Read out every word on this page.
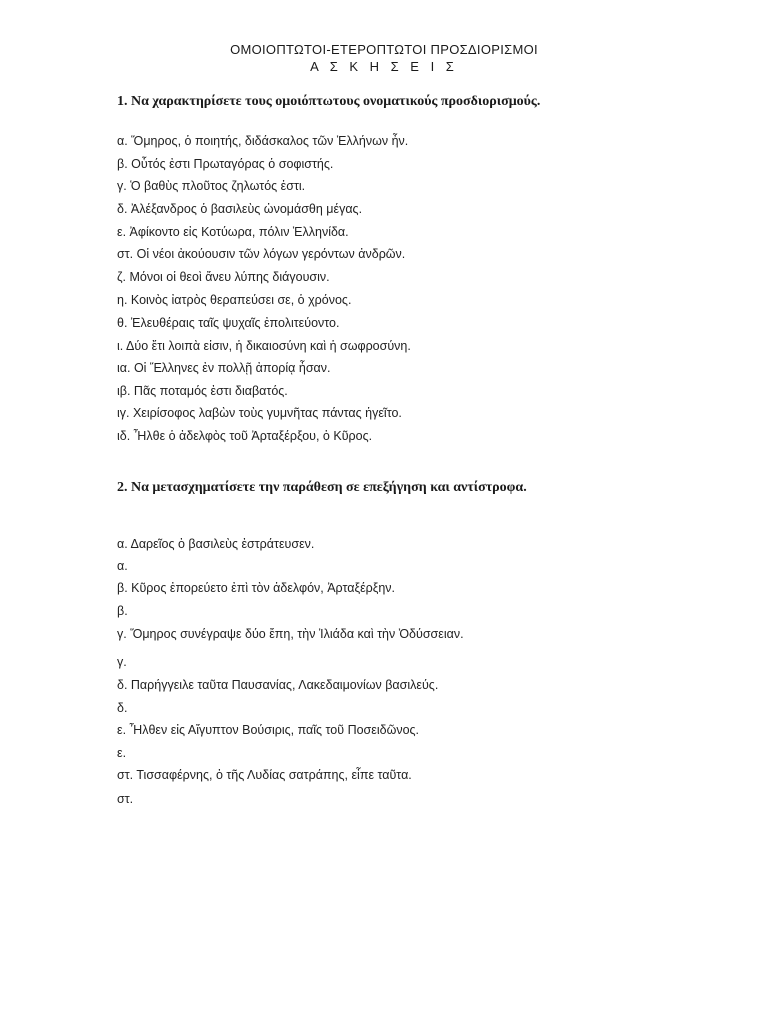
ΟΜΟΙΟΠΤΩΤΟΙ-ΕΤΕΡΟΠΤΩΤΟΙ ΠΡΟΣΔΙΟΡΙΣΜΟΙ
Α Σ Κ Η Σ Ε Ι Σ
1. Να χαρακτηρίσετε τους ομοιόπτωτους ονοματικούς προσδιορισμούς.
α. Ὅμηρος, ὁ ποιητής, διδάσκαλος τῶν Ἑλλήνων ἦν.
β. Οὗτός ἐστι Πρωταγόρας ὁ σοφιστής.
γ. Ὁ βαθὺς πλοῦτος ζηλωτός ἐστι.
δ. Ἀλέξανδρος ὁ βασιλεὺς ὠνομάσθη μέγας.
ε. Ἀφίκοντο εἰς Κοτύωρα, πόλιν Ἑλληνίδα.
στ. Οἱ νέοι ἀκούουσιν τῶν λόγων γερόντων ἀνδρῶν.
ζ. Μόνοι οἱ θεοὶ ἄνευ λύπης διάγουσιν.
η. Κοινὸς ἰατρὸς θεραπεύσει σε, ὁ χρόνος.
θ. Ἐλευθέραις ταῖς ψυχαῖς ἐπολιτεύοντο.
ι. Δύο ἔτι λοιπὰ εἰσιν, ἡ δικαιοσύνη καὶ ἡ σωφροσύνη.
ια. Οἱ Ἕλληνες ἐν πολλῇ ἀπορίᾳ ἦσαν.
ιβ. Πᾶς ποταμός ἐστι διαβατός.
ιγ. Χειρίσοφος λαβὼν τοὺς γυμνῆτας πάντας ἡγεῖτο.
ιδ. Ἦλθε ὁ ἀδελφὸς τοῦ Ἀρταξέρξου, ὁ Κῦρος.
2. Να μετασχηματίσετε την παράθεση σε επεξήγηση και αντίστροφα.
α. Δαρεῖος ὁ βασιλεὺς ἐστράτευσεν.
α.
β. Κῦρος ἐπορεύετο ἐπὶ τὸν ἀδελφόν, Ἀρταξέρξην.
β.
γ. Ὅμηρος συνέγραψε δύο ἔπη, τὴν Ἰλιάδα καὶ τὴν Ὀδύσσειαν.
γ.
δ. Παρήγγειλε ταῦτα Παυσανίας, Λακεδαιμονίων βασιλεύς.
δ.
ε. Ἦλθεν εἰς Αἴγυπτον Βούσιρις, παῖς τοῦ Ποσειδῶνος.
ε.
στ. Τισσαφέρνης, ὁ τῆς Λυδίας σατράπης, εἶπε ταῦτα.
στ.
